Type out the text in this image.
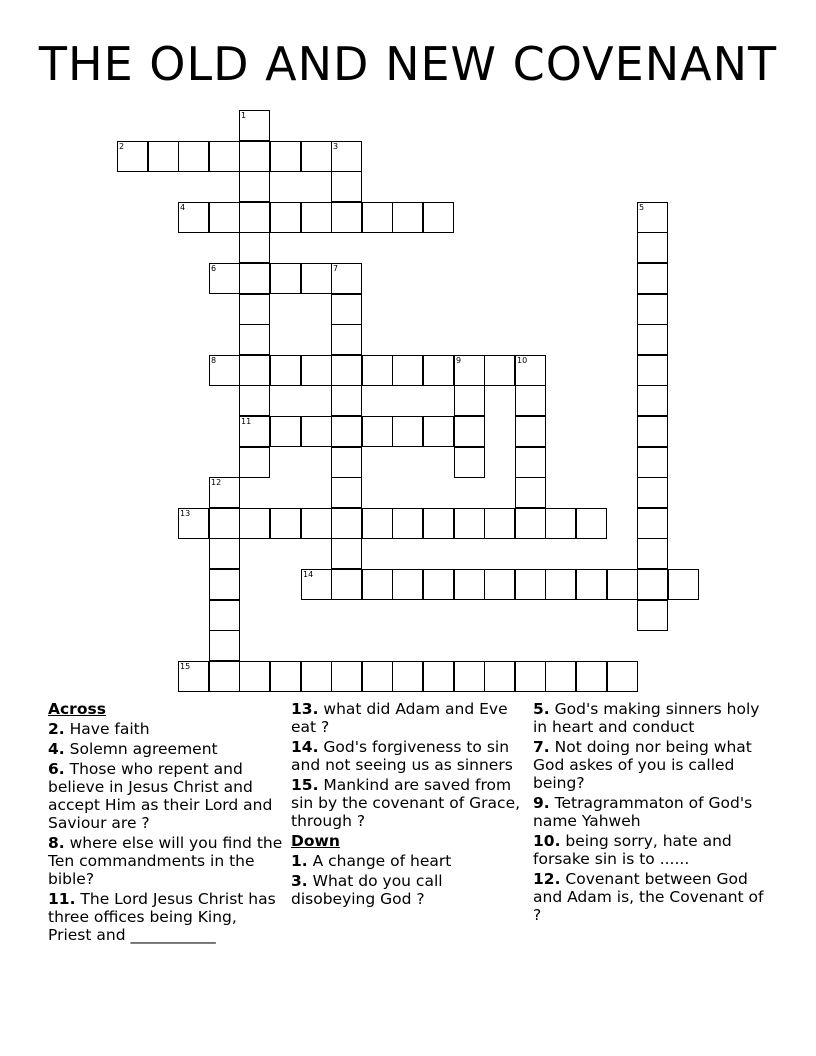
THE OLD AND NEW COVENANT
1
2	3
4	5
6	7
8	9	10
11
12
13
14
15

Across

2. Have faith

4. Solemn agreement

6. Those who repent and believe in Jesus Christ and accept Him as their Lord and Saviour are ?

8. where else will you find the Ten commandments in the bible?

11. The Lord Jesus Christ has three offices being King, Priest and ___________

13. what did Adam and Eve eat ?

14. God's forgiveness to sin and not seeing us as sinners

15. Mankind are saved from sin by the covenant of Grace, through ?

Down

1. A change of heart

3. What do you call disobeying God ?

5. God's making sinners holy in heart and conduct

7. Not doing nor being what God askes of you is called being?

9. Tetragrammaton of God's name Yahweh

10. being sorry, hate and forsake sin is to ......

12. Covenant between God and Adam is, the Covenant of ?
